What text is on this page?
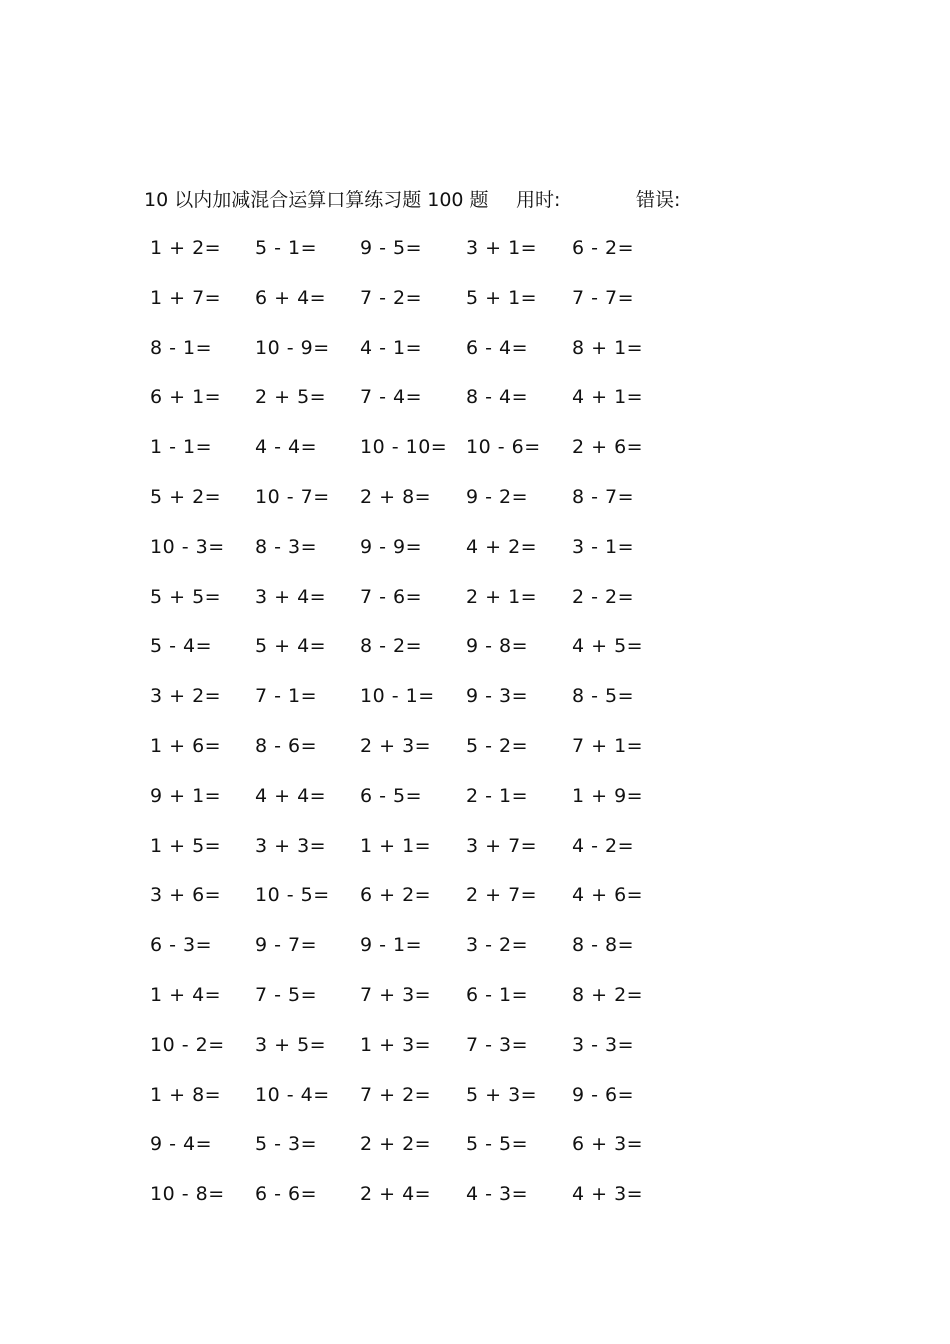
10 以内加减混合运算口算练习题 100 题 用时:	错误:
1 + 2=	5 - 1=	9 - 5=	3 + 1=	6 - 2=
1 + 7=	6 + 4=	7 - 2=	5 + 1=	7 - 7=
8 - 1=	10 - 9=	4 - 1=	6 - 4=	8 + 1=
6 + 1=	2 + 5=	7 - 4=	8 - 4=	4 + 1=
1 - 1=	4 - 4=	10 - 10= 10 - 6=	2 + 6=
5 + 2=	10 - 7=	2 + 8=	9 - 2=	8 - 7=
10 - 3=	8 - 3=	9 - 9=	4 + 2=	3 - 1=
5 + 5=	3 + 4=	7 - 6=	2 + 1=	2 - 2=
5 - 4=	5 + 4=	8 - 2=	9 - 8=	4 + 5=
3 + 2=	7 - 1=	10 - 1=	9 - 3=	8 - 5=
1 + 6=	8 - 6=	2 + 3=	5 - 2=	7 + 1=
9 + 1=	4 + 4=	6 - 5=	2 - 1=	1 + 9=
1 + 5=	3 + 3=	1 + 1=	3 + 7=	4 - 2=
3 + 6=	10 - 5=	6 + 2=	2 + 7=	4 + 6=
6 - 3=	9 - 7=	9 - 1=	3 - 2=	8 - 8=
1 + 4=	7 - 5=	7 + 3=	6 - 1=	8 + 2=
10 - 2=	3 + 5=	1 + 3=	7 - 3=	3 - 3=
1 + 8=	10 - 4=	7 + 2=	5 + 3=	9 - 6=
9 - 4=	5 - 3=	2 + 2=	5 - 5=	6 + 3=
10 - 8=	6 - 6=	2 + 4=	4 - 3=	4 + 3=
